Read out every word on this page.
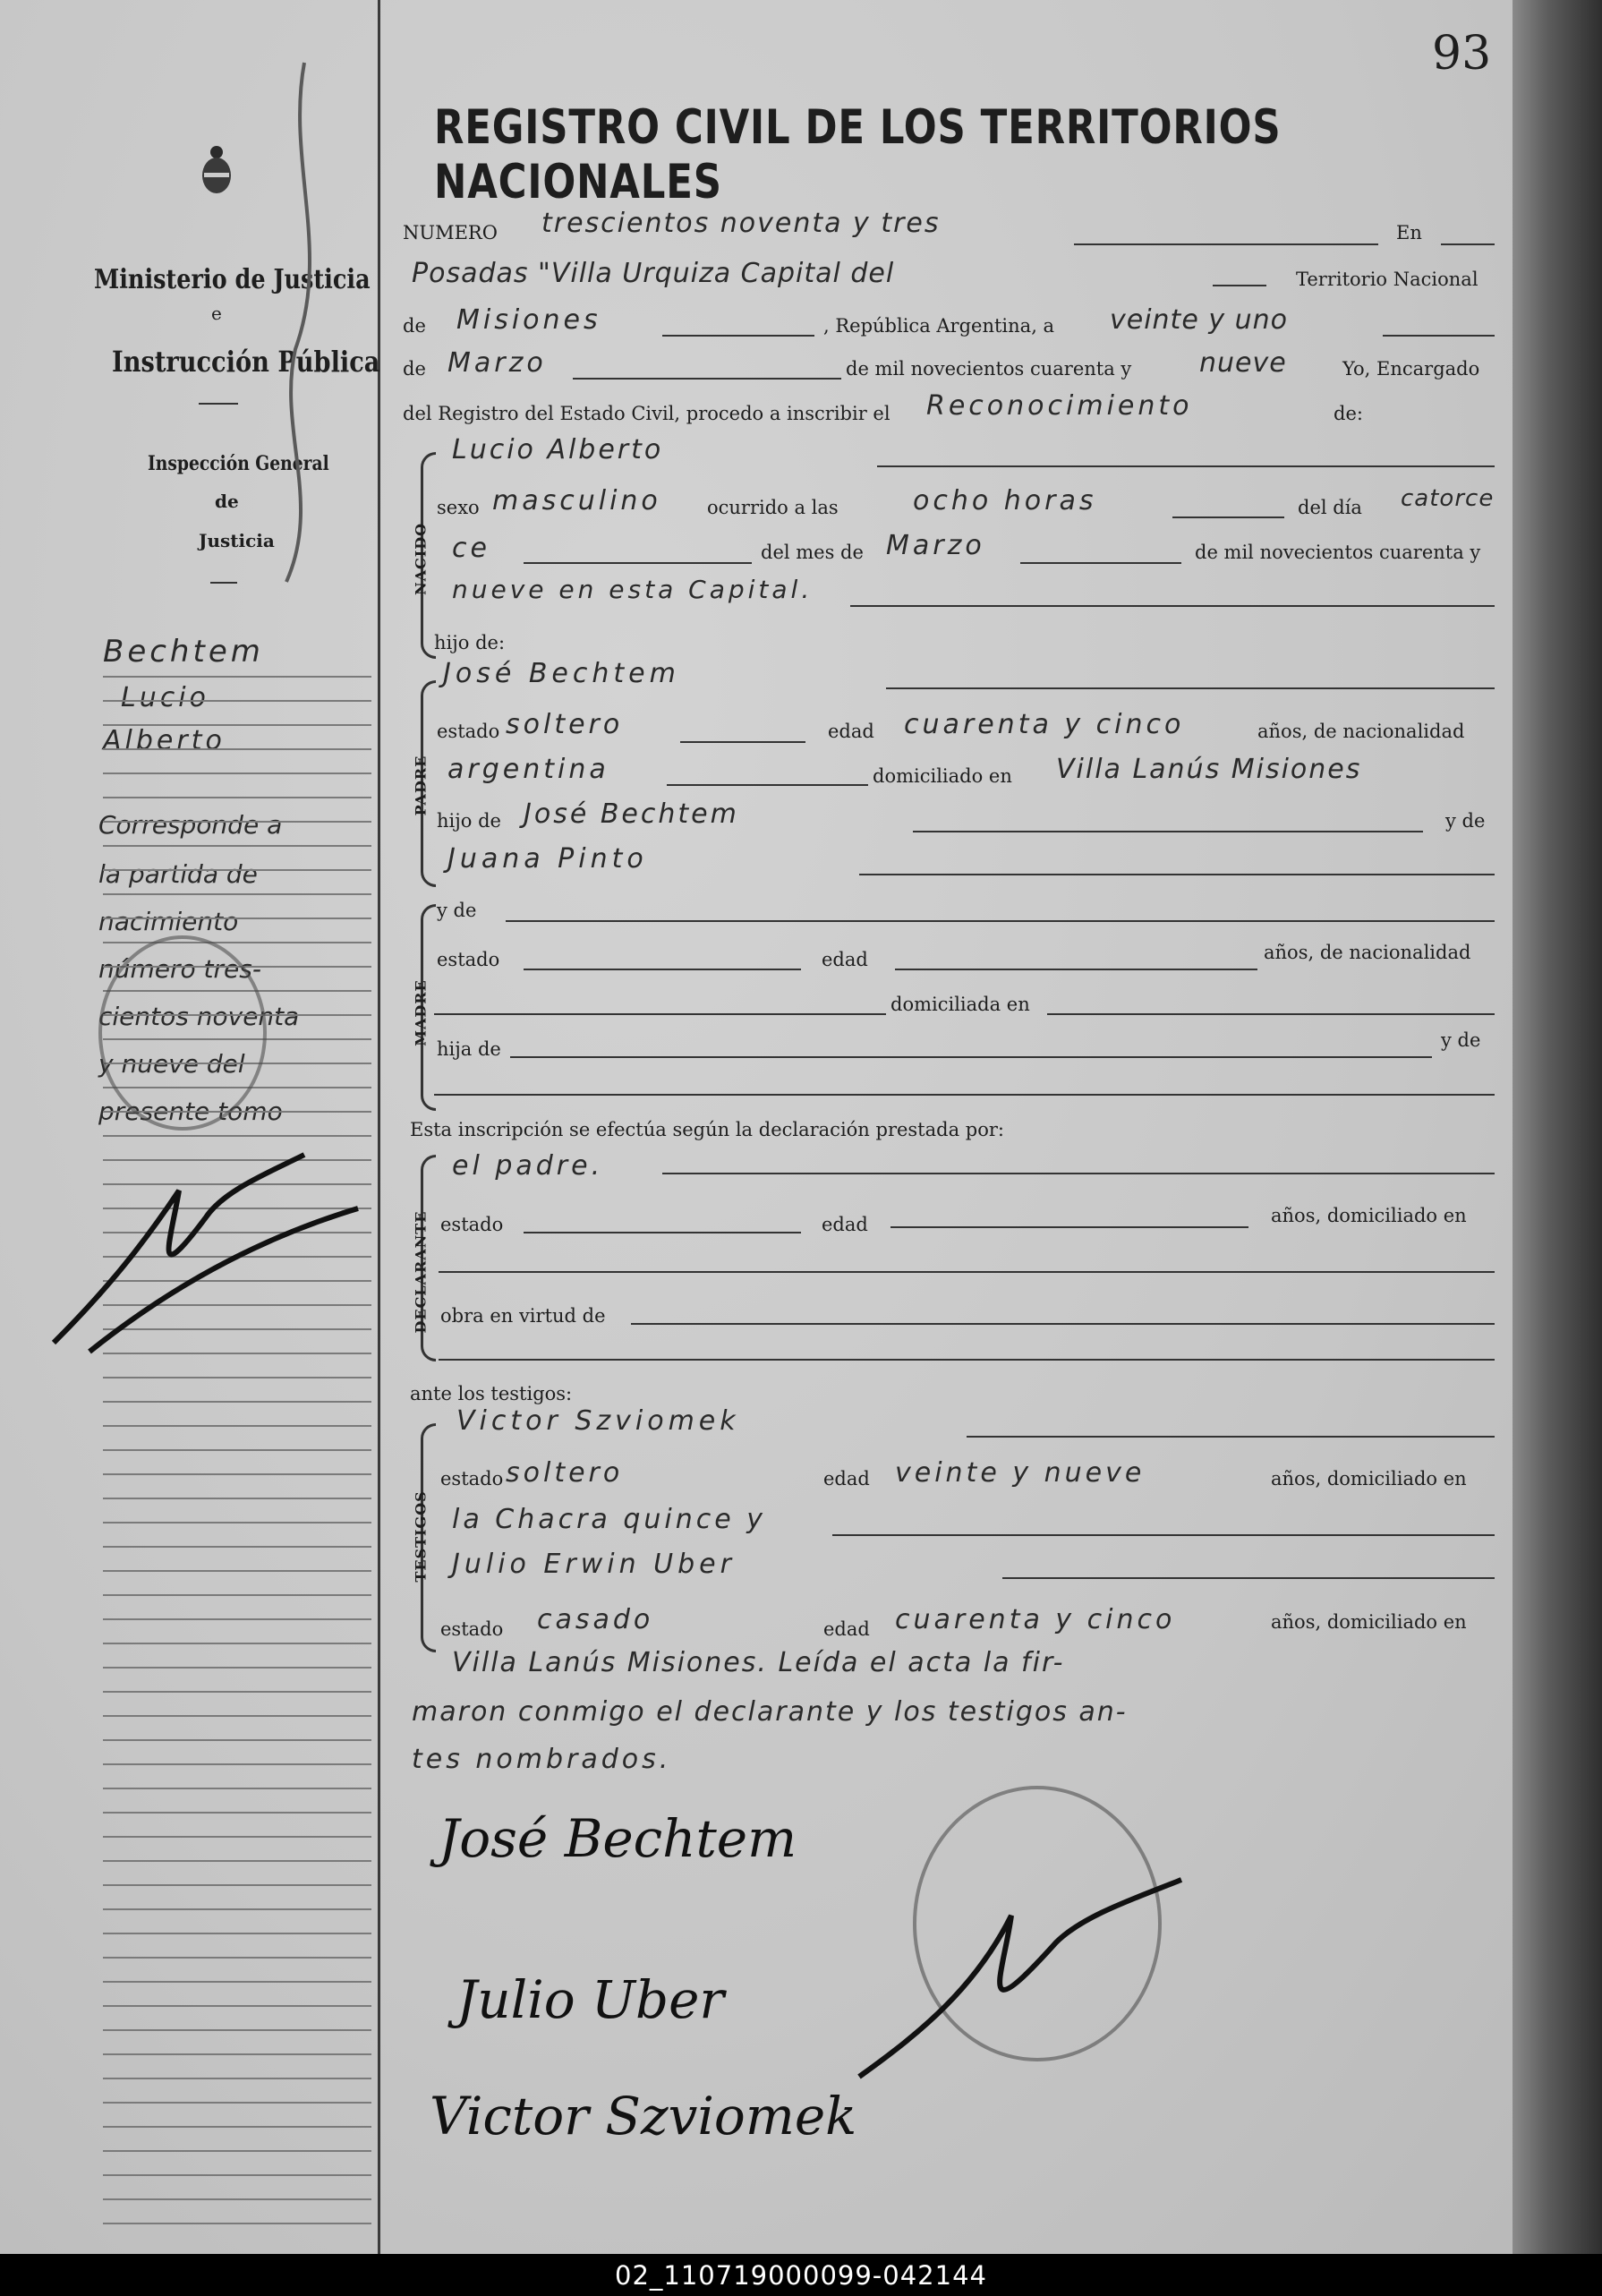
93
REGISTRO CIVIL DE LOS TERRITORIOS NACIONALES
Ministerio de Justicia
e
Instrucción Pública
Inspección General
de
Justicia
Bechtem
Lucio
Alberto
Corresponde a
la partida de
nacimiento
número tres-
cientos noventa
y nueve del
presente tomo
NUMERO trescientos noventa y tres	En
Posadas "Villa Urquiza Capital del	Territorio Nacional
de Misiones	, República Argentina, a veinte y uno
de Marzo	de mil novecientos cuarenta y	nueve	Yo, Encargado
del Registro del Estado Civil, procedo a inscribir el Reconocimiento	de:
NACIDO
Lucio Alberto
sexo masculino ocurrido a las	ocho horas	del día catorce
ce	del mes de Marzo	de mil novecientos cuarenta y
nueve en esta Capital.
hijo de:
PADRE
José Bechtem
estado soltero	edad cuarenta y cinco	años, de nacionalidad
argentina	domiciliado en Villa Lanús Misiones
hijo de José Bechtem	y de
Juana Pinto
MADRE
y de
estado	edad	años, de nacionalidad
domiciliada en
hija de	y de
Esta inscripción se efectúa según la declaración prestada por:
DECLARANTE
el padre.
estado	edad	años, domiciliado en
obra en virtud de
ante los testigos:
TESTIGOS
Victor Szviomek
estado soltero	edad veinte y nueve	años, domiciliado en
la Chacra quince y
Julio Erwin Uber
estado casado	edad cuarenta y cinco	años, domiciliado en
Villa Lanús Misiones. Leída el acta la fir-
maron conmigo el declarante y los testigos an-
tes nombrados.
José Bechtem
Julio Uber
Victor Szviomek
02_110719000099-042144
